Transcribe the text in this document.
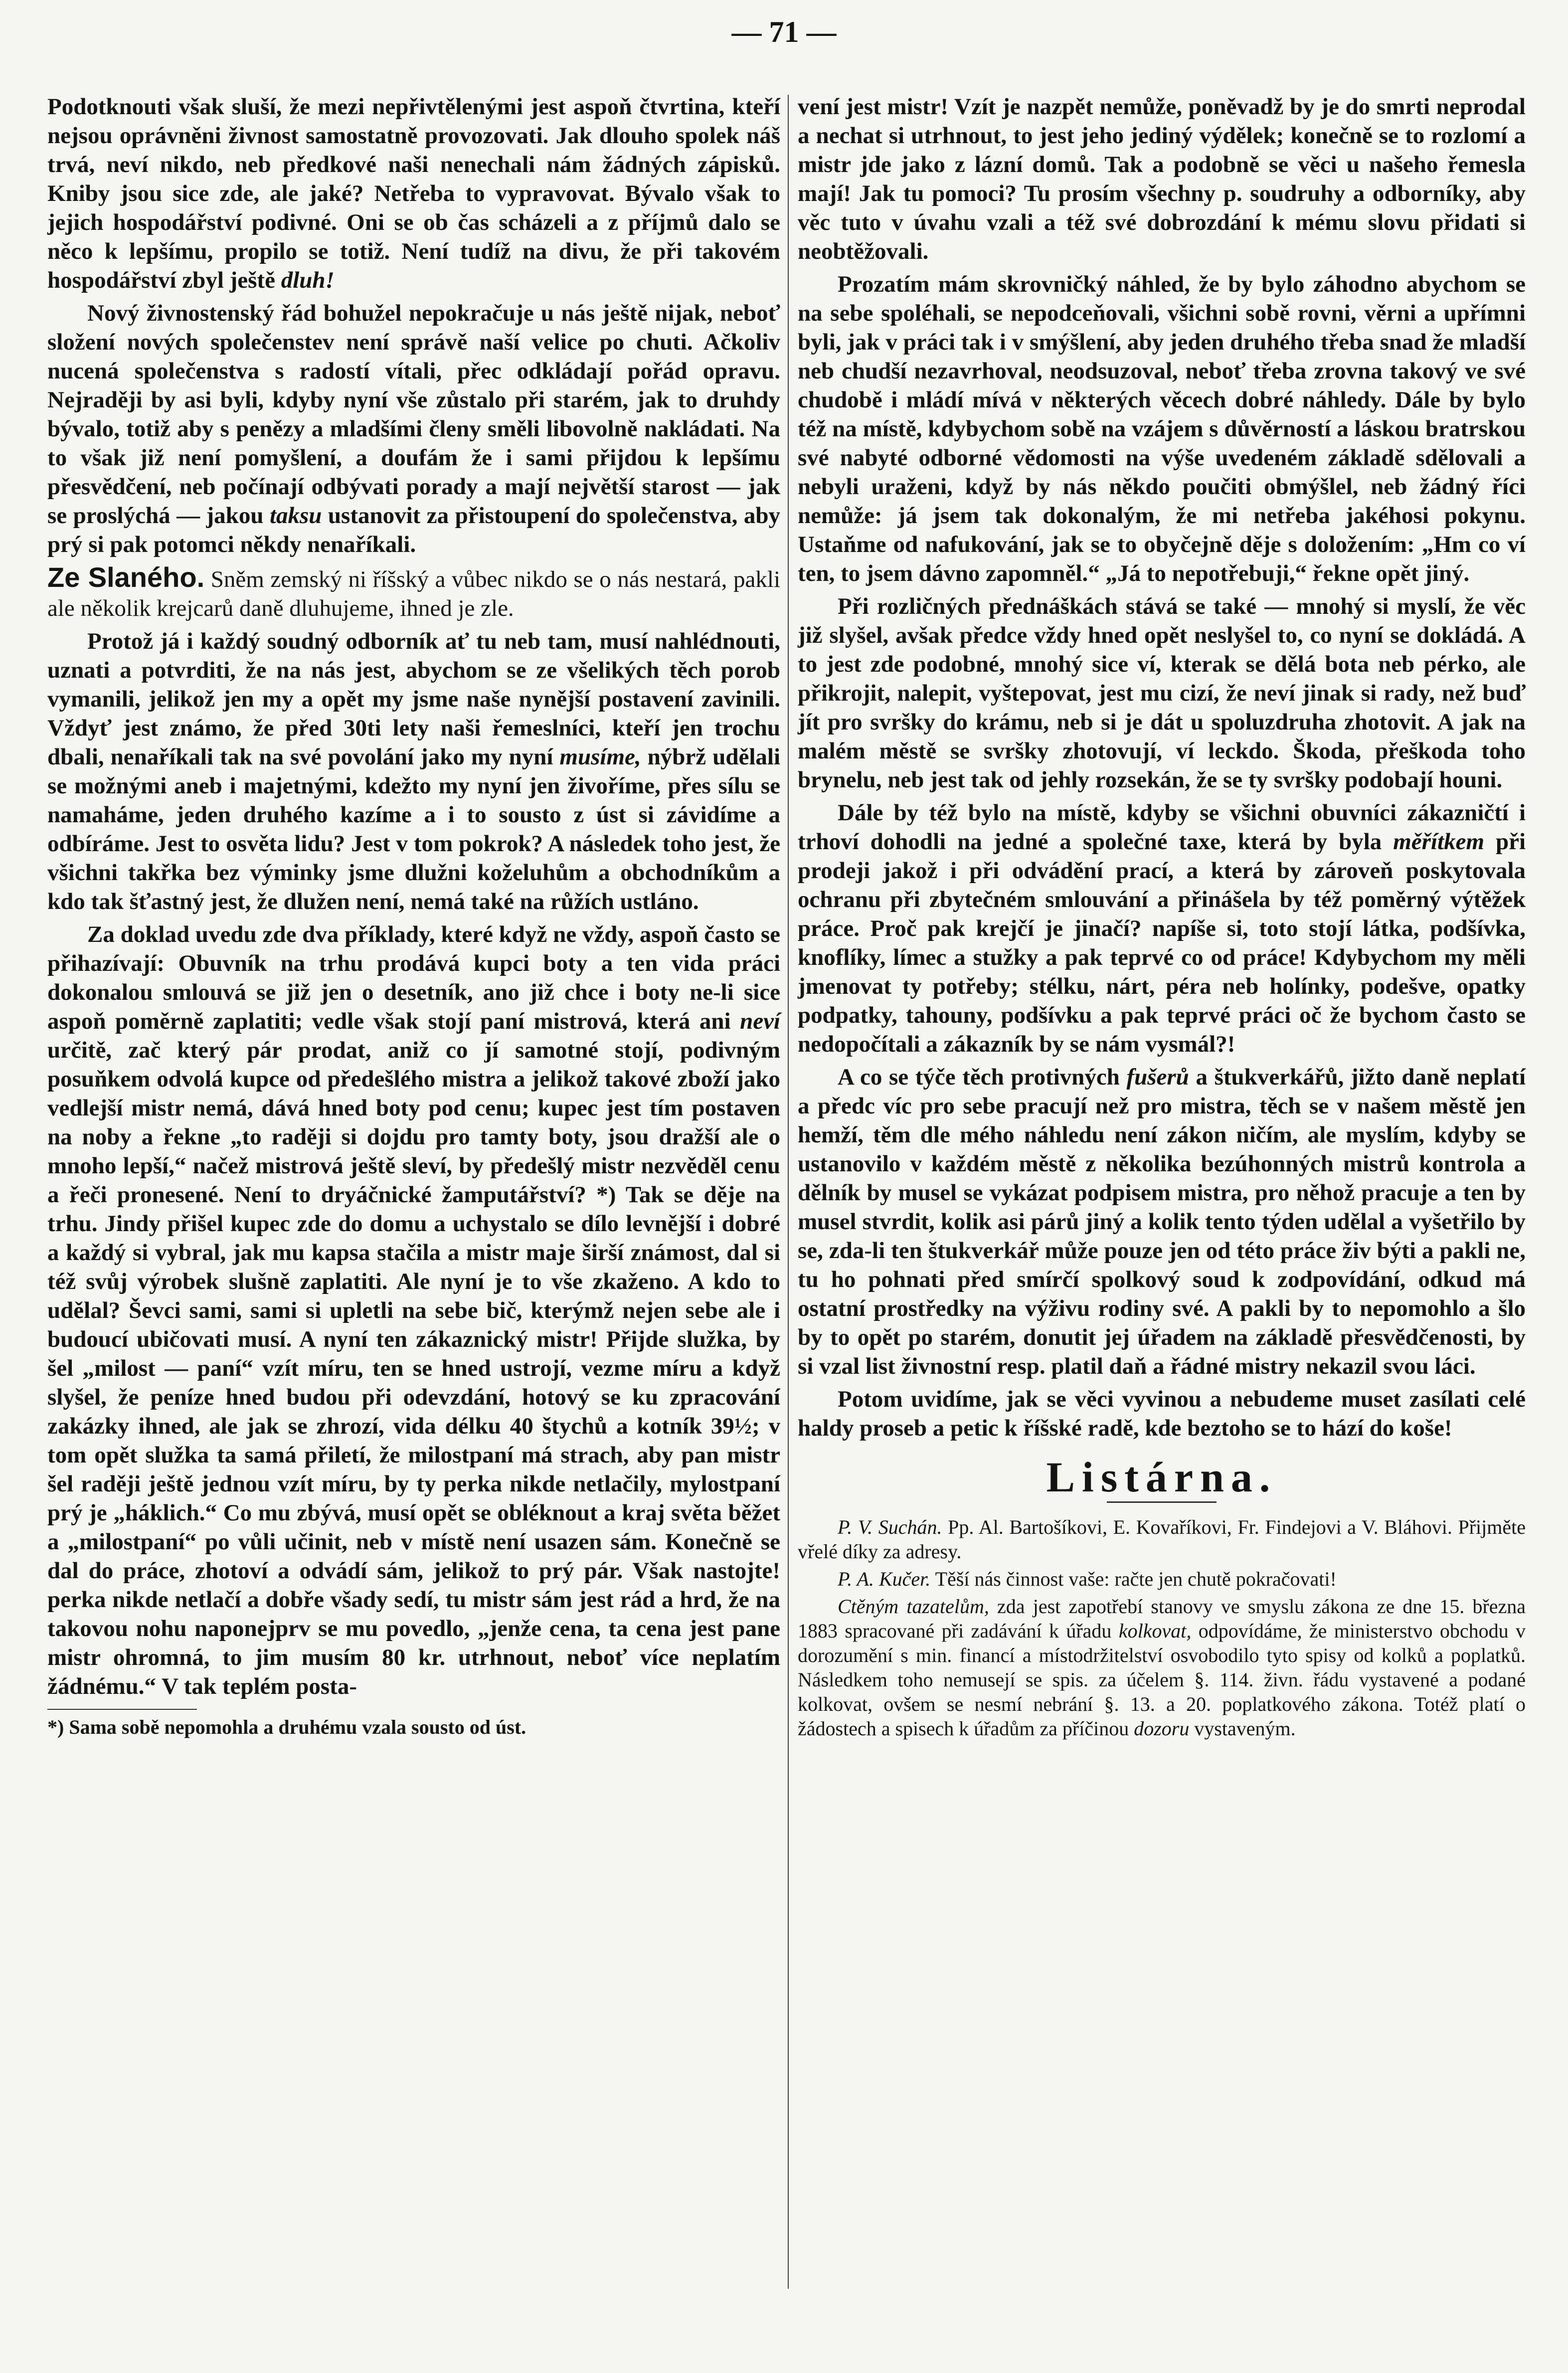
— 71 —

Podotknouti však sluší, že mezi nepřivtělenými jest aspoň čtvrtina, kteří nejsou oprávněni živnost samostatně provozovati. Jak dlouho spolek náš trvá, neví nikdo, neb předkové naši nenechali nám žádných zápisků. Kniby jsou sice zde, ale jaké? Netřeba to vypravovat. Bývalo však to jejich hospodářství podivné. Oni se ob čas scházeli a z příjmů dalo se něco k lepšímu, propilo se totiž. Není tudíž na divu, že při takovém hospodářství zbyl ještě dluh!

Nový živnostenský řád bohužel nepokračuje u nás ještě nijak, neboť složení nových společenstev není správě naší velice po chuti. Ačkoliv nucená společenstva s radostí vítali, přec odkládají pořád opravu. Nejraději by asi byli, kdyby nyní vše zůstalo při starém, jak to druhdy bývalo, totiž aby s penězy a mladšími členy směli libovolně nakládati. Na to však již není pomyšlení, a doufám že i sami přijdou k lepšímu přesvědčení, neb počínají odbývati porady a mají největší starost — jak se proslýchá — jakou taksu ustanovit za přistoupení do společenstva, aby prý si pak potomci někdy nenaříkali.

Ze Slaného. Sněm zemský ni říšský a vůbec nikdo se o nás nestará, pakli ale několik krejcarů daně dluhujeme, ihned je zle.

Protož já i každý soudný odborník ať tu neb tam, musí nahlédnouti, uznati a potvrditi, že na nás jest, abychom se ze všelikých těch porob vymanili, jelikož jen my a opět my jsme naše nynější postavení zavinili. Vždyť jest známo, že před 30ti lety naši řemeslníci, kteří jen trochu dbali, nenaříkali tak na své povolání jako my nyní musíme, nýbrž udělali se možnými aneb i majetnými, kdežto my nyní jen živoříme, přes sílu se namaháme, jeden druhého kazíme a i to sousto z úst si závidíme a odbíráme. Jest to osvěta lidu? Jest v tom pokrok? A následek toho jest, že všichni takřka bez výminky jsme dlužni koželuhům a obchodníkům a kdo tak šťastný jest, že dlužen není, nemá také na růžích ustláno.

Za doklad uvedu zde dva příklady, které když ne vždy, aspoň často se přihazívají: Obuvník na trhu prodává kupci boty a ten vida práci dokonalou smlouvá se již jen o desetník, ano již chce i boty ne-li sice aspoň poměrně zaplatiti; vedle však stojí paní mistrová, která ani neví určitě, zač který pár prodat, aniž co jí samotné stojí, podivným posuňkem odvolá kupce od předešlého mistra a jelikož takové zboží jako vedlejší mistr nemá, dává hned boty pod cenu; kupec jest tím postaven na noby a řekne „to raději si dojdu pro tamty boty, jsou dražší ale o mnoho lepší,“ načež mistrová ještě sleví, by předešlý mistr nezvěděl cenu a řeči pronesené. Není to dryáčnické žamputářství? *) Tak se děje na trhu. Jindy přišel kupec zde do domu a uchystalo se dílo levnější i dobré a každý si vybral, jak mu kapsa stačila a mistr maje širší známost, dal si též svůj výrobek slušně zaplatiti. Ale nyní je to vše zkaženo. A kdo to udělal? Ševci sami, sami si upletli na sebe bič, kterýmž nejen sebe ale i budoucí ubičovati musí. A nyní ten zákaznický mistr! Přijde služka, by šel „milost — paní“ vzít míru, ten se hned ustrojí, vezme míru a když slyšel, že peníze hned budou při odevzdání, hotový se ku zpracování zakázky ihned, ale jak se zhrozí, vida délku 40 štychů a kotník 39½; v tom opět služka ta samá přiletí, že milostpaní má strach, aby pan mistr šel raději ještě jednou vzít míru, by ty perka nikde netlačily, mylostpaní prý je „háklich.“ Co mu zbývá, musí opět se obléknout a kraj světa běžet a „milostpaní“ po vůli učinit, neb v místě není usazen sám. Konečně se dal do práce, zhotoví a odvádí sám, jelikož to prý pár. Však nastojte! perka nikde netlačí a dobře všady sedí, tu mistr sám jest rád a hrd, že na takovou nohu naponejprv se mu povedlo, „jenže cena, ta cena jest pane mistr ohromná, to jim musím 80 kr. utrhnout, neboť více neplatím žádnému.“ V tak teplém posta-

*) Sama sobě nepomohla a druhému vzala sousto od úst.

vení jest mistr! Vzít je nazpět nemůže, poněvadž by je do smrti neprodal a nechat si utrhnout, to jest jeho jediný výdělek; konečně se to rozlomí a mistr jde jako z lázní domů. Tak a podobně se věci u našeho řemesla mají! Jak tu pomoci? Tu prosím všechny p. soudruhy a odborníky, aby věc tuto v úvahu vzali a též své dobrozdání k mému slovu přidati si neobtěžovali.

Prozatím mám skrovničký náhled, že by bylo záhodno abychom se na sebe spoléhali, se nepodceňovali, všichni sobě rovni, věrni a upřímni byli, jak v práci tak i v smýšlení, aby jeden druhého třeba snad že mladší neb chudší nezavrhoval, neodsuzoval, neboť třeba zrovna takový ve své chudobě i mládí mívá v některých věcech dobré náhledy. Dále by bylo též na místě, kdybychom sobě na vzájem s důvěrností a láskou bratrskou své nabyté odborné vědomosti na výše uvedeném základě sdělovali a nebyli uraženi, když by nás někdo poučiti obmýšlel, neb žádný říci nemůže: já jsem tak dokonalým, že mi netřeba jakéhosi pokynu. Ustaňme od nafukování, jak se to obyčejně děje s doložením: „Hm co ví ten, to jsem dávno zapomněl.“ „Já to nepotřebuji,“ řekne opět jiný.

Při rozličných přednáškách stává se také — mnohý si myslí, že věc již slyšel, avšak předce vždy hned opět neslyšel to, co nyní se dokládá. A to jest zde podobné, mnohý sice ví, kterak se dělá bota neb pérko, ale přikrojit, nalepit, vyštepovat, jest mu cizí, že neví jinak si rady, než buď jít pro svršky do krámu, neb si je dát u spoluzdruha zhotovit. A jak na malém městě se svršky zhotovují, ví leckdo. Škoda, přeškoda toho brynelu, neb jest tak od jehly rozsekán, že se ty svršky podobají houni.

Dále by též bylo na místě, kdyby se všichni obuvníci zákazničtí i trhoví dohodli na jedné a společné taxe, která by byla měřítkem při prodeji jakož i při odvádění prací, a která by zároveň poskytovala ochranu při zbytečném smlouvání a přinášela by též poměrný výtěžek práce. Proč pak krejčí je jinačí? napíše si, toto stojí látka, podšívka, knoflíky, límec a stužky a pak teprvé co od práce! Kdybychom my měli jmenovat ty potřeby; stélku, nárt, péra neb holínky, podešve, opatky podpatky, tahouny, podšívku a pak teprvé práci oč že bychom často se nedopočítali a zákazník by se nám vysmál?!

A co se týče těch protivných fušerů a štukverkářů, jižto daně neplatí a předc víc pro sebe pracují než pro mistra, těch se v našem městě jen hemží, těm dle mého náhledu není zákon ničím, ale myslím, kdyby se ustanovilo v každém městě z několika bezúhonných mistrů kontrola a dělník by musel se vykázat podpisem mistra, pro něhož pracuje a ten by musel stvrdit, kolik asi párů jiný a kolik tento týden udělal a vyšetřilo by se, zda-li ten štukverkář může pouze jen od této práce živ býti a pakli ne, tu ho pohnati před smírčí spolkový soud k zodpovídání, odkud má ostatní prostředky na výživu rodiny své. A pakli by to nepomohlo a šlo by to opět po starém, donutit jej úřadem na základě přesvědčenosti, by si vzal list živnostní resp. platil daň a řádné mistry nekazil svou láci.

Potom uvidíme, jak se věci vyvinou a nebudeme muset zasílati celé haldy proseb a petic k říšské radě, kde beztoho se to hází do koše!

Listárna.

P. V. Suchán. Pp. Al. Bartošíkovi, E. Kovaříkovi, Fr. Findejovi a V. Bláhovi. Přijměte vřelé díky za adresy.

P. A. Kučer. Těší nás činnost vaše: račte jen chutě pokračovati!

Ctěným tazatelům, zda jest zapotřebí stanovy ve smyslu zákona ze dne 15. března 1883 spracované při zadávání k úřadu kolkovat, odpovídáme, že ministerstvo obchodu v dorozumění s min. financí a místodržitelství osvobodilo tyto spisy od kolků a poplatků. Následkem toho nemusejí se spis. za účelem §. 114. živn. řádu vystavené a podané kolkovat, ovšem se nesmí nebrání §. 13. a 20. poplatkového zákona. Totéž platí o žádostech a spisech k úřadům za příčinou dozoru vystaveným.
